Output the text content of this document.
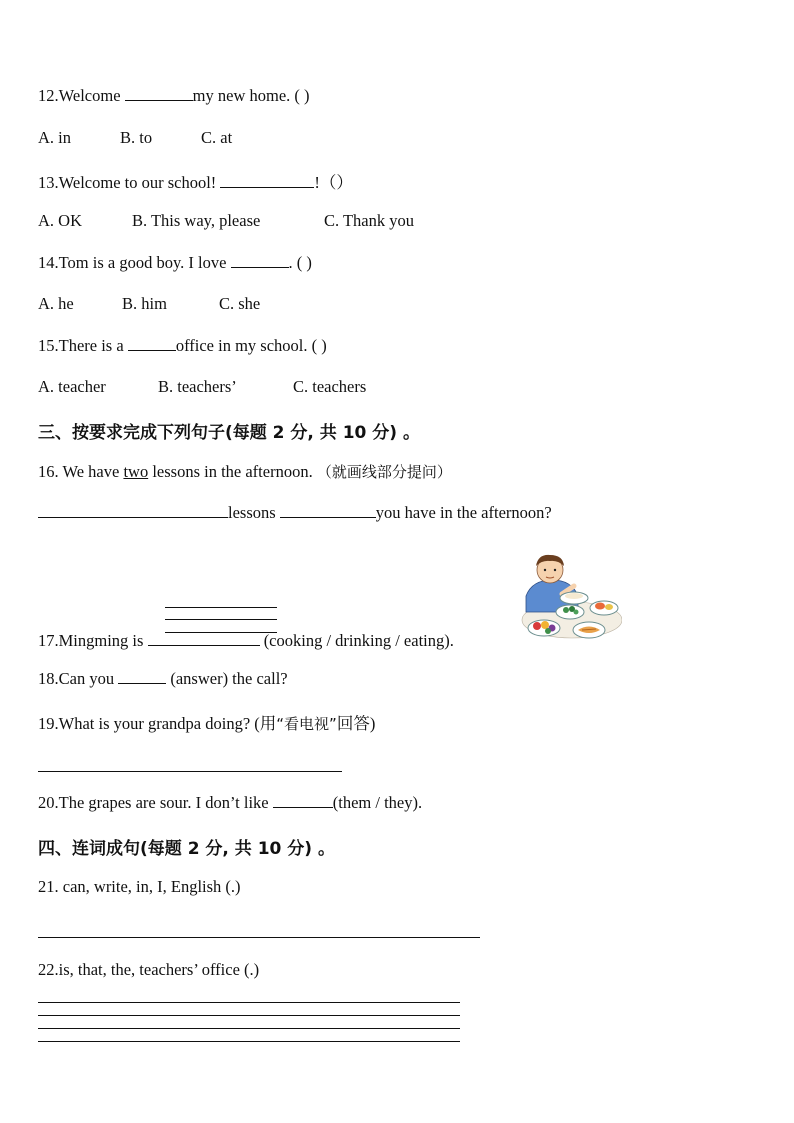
12.Welcome	my new home. ( )
A. in	B. to	C. at
13.Welcome to our school!	!（）
A. OK	B. This way, please	C. Thank you
14.Tom is a good boy. I love	. ( )
A. he	B. him	C. she
15.There is a	office in my school. ( )
A. teacher	B. teachers’	C. teachers
三、按要求完成下列句子(每题 2 分, 共 10 分) 。
16. We have two lessons in the afternoon. （就画线部分提问）
lessons	you have in the afternoon?
17.Mingming is	(cooking / drinking / eating).
18.Can you	(answer) the call?
19.What is your grandpa doing? (用“看电视”回答)
20.The grapes are sour. I don’t like	(them / they).
四、连词成句(每题 2 分, 共 10 分) 。
21. can, write, in, I, English (.)
22.is, that, the, teachers’ office (.)
